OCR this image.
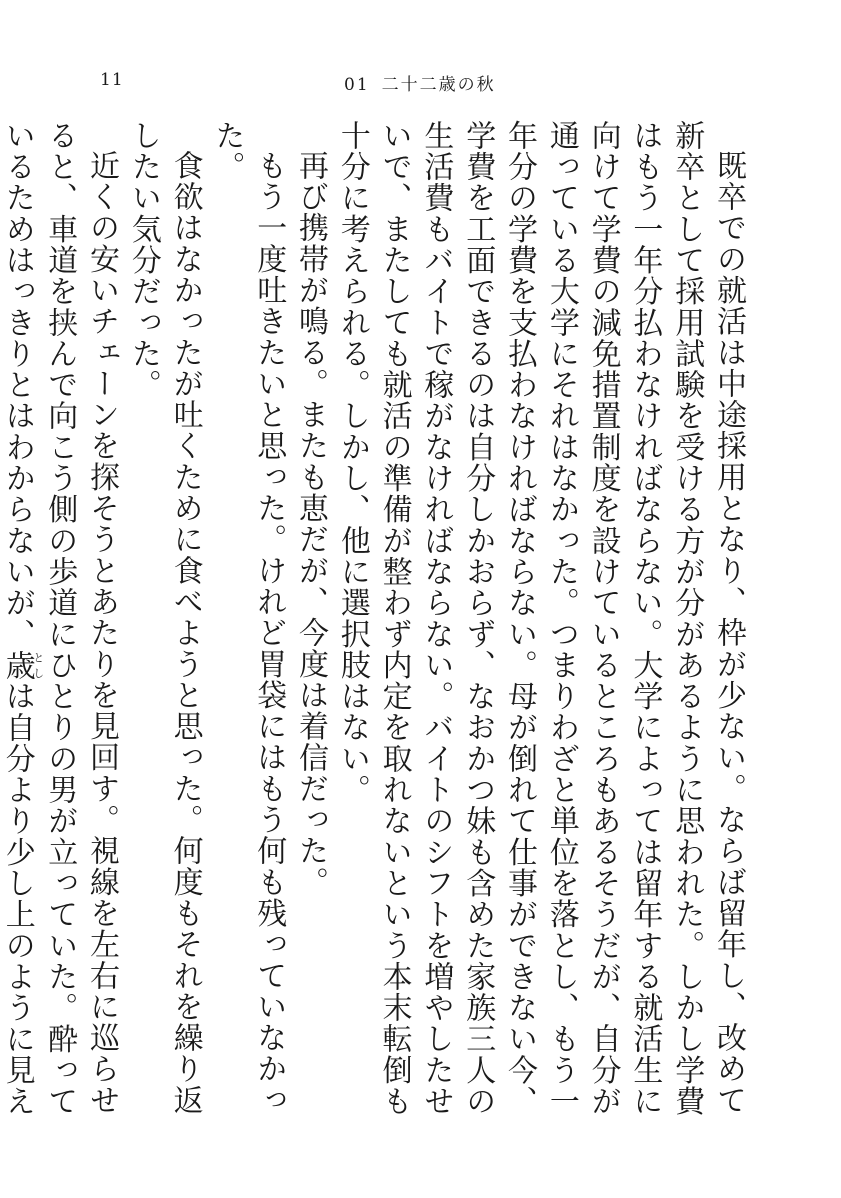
11	01 二十二歳の秋

既卒での就活は中途採用となり、枠が少ない。ならば留年し、改めて新卒として採用試験を受ける方が分があるように思われた。しかし学費はもう一年分払わなければならない。大学によっては留年する就活生に向けて学費の減免措置制度を設けているところもあるそうだが、自分が通っている大学にそれはなかった。つまりわざと単位を落とし、もう一年分の学費を支払わなければならない。母が倒れて仕事ができない今、学費を工面できるのは自分しかおらず、なおかつ妹も含めた家族三人の生活費もバイトで稼がなければならない。バイトのシフトを増やしたせいで、またしても就活の準備が整わず内定を取れないという本末転倒も十分に考えられる。しかし、他に選択肢はない。

再び携帯が鳴る。またも恵だが、今度は着信だった。

もう一度吐きたいと思った。けれど胃袋にはもう何も残っていなかった。

食欲はなかったが吐くために食べようと思った。何度もそれを繰り返したい気分だった。

近くの安いチェーンを探そうとあたりを見回す。視線を左右に巡らせると、車道を挟んで向こう側の歩道にひとりの男が立っていた。酔っているためはっきりとはわからないが、歳としは自分より少し上のように見え
